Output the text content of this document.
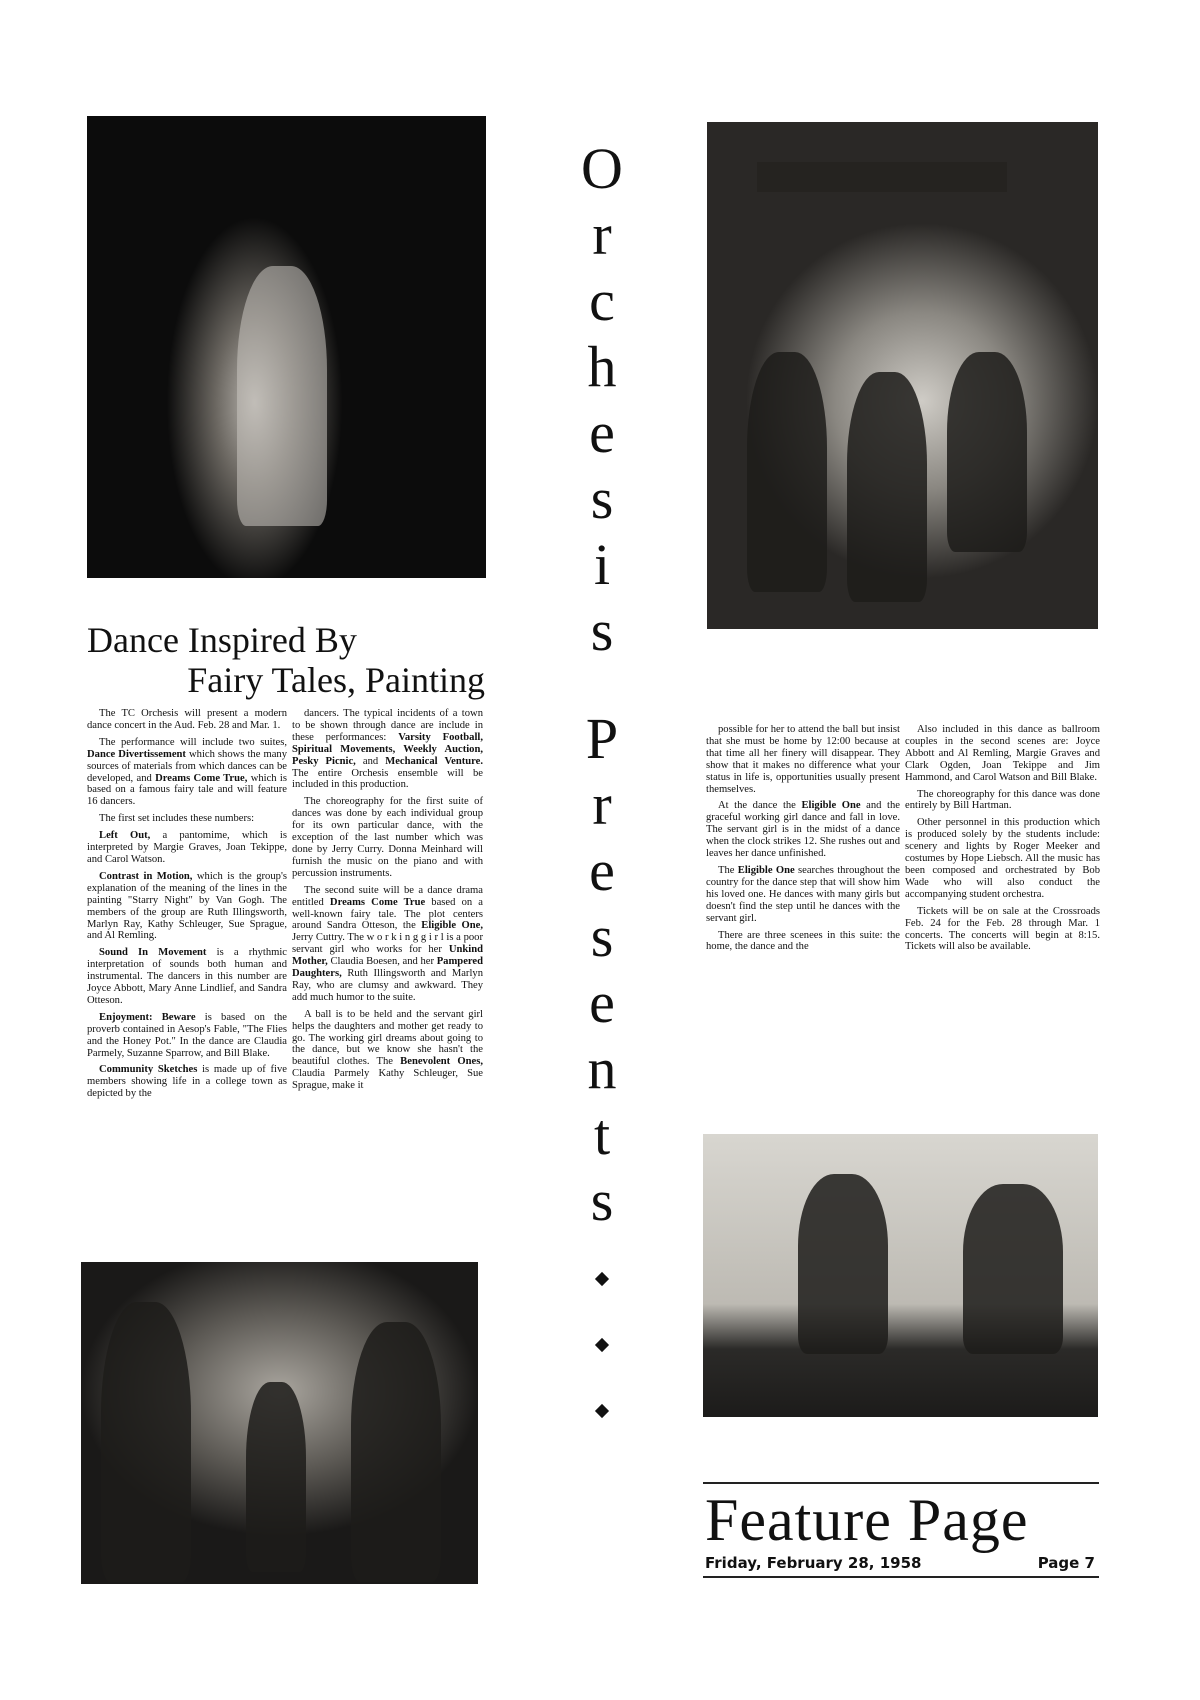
Dance Inspired By
Fairy Tales, Painting

The TC Orchesis will present a modern dance concert in the Aud. Feb. 28 and Mar. 1.

The performance will include two suites, Dance Divertissement which shows the many sources of materials from which dances can be developed, and Dreams Come True, which is based on a famous fairy tale and will feature 16 dancers.

The first set includes these numbers:

Left Out, a pantomime, which is interpreted by Margie Graves, Joan Tekippe, and Carol Watson.

Contrast in Motion, which is the group's explanation of the meaning of the lines in the painting "Starry Night" by Van Gogh. The members of the group are Ruth Illingsworth, Marlyn Ray, Kathy Schleuger, Sue Sprague, and Al Remling.

Sound In Movement is a rhythmic interpretation of sounds both human and instrumental. The dancers in this number are Joyce Abbott, Mary Anne Lindlief, and Sandra Otteson.

Enjoyment: Beware is based on the proverb contained in Aesop's Fable, "The Flies and the Honey Pot." In the dance are Claudia Parmely, Suzanne Sparrow, and Bill Blake.

Community Sketches is made up of five members showing life in a college town as depicted by the

dancers. The typical incidents of a town to be shown through dance are include in these performances: Varsity Football, Spiritual Movements, Weekly Auction, Pesky Picnic, and Mechanical Venture. The entire Orchesis ensemble will be included in this production.

The choreography for the first suite of dances was done by each individual group for its own particular dance, with the exception of the last number which was done by Jerry Curry. Donna Meinhard will furnish the music on the piano and with percussion instruments.

The second suite will be a dance drama entitled Dreams Come True based on a well-known fairy tale. The plot centers around Sandra Otteson, the Eligible One, Jerry Cuttry. The w o r k i n g g i r l is a poor servant girl who works for her Unkind Mother, Claudia Boesen, and her Pampered Daughters, Ruth Illingsworth and Marlyn Ray, who are clumsy and awkward. They add much humor to the suite.

A ball is to be held and the servant girl helps the daughters and mother get ready to go. The working girl dreams about going to the dance, but we know she hasn't the beautiful clothes. The Benevolent Ones, Claudia Parmely Kathy Schleuger, Sue Sprague, make it

possible for her to attend the ball but insist that she must be home by 12:00 because at that time all her finery will disappear. They show that it makes no difference what your status in life is, opportunities usually present themselves.

At the dance the Eligible One and the graceful working girl dance and fall in love. The servant girl is in the midst of a dance when the clock strikes 12. She rushes out and leaves her dance unfinished.

The Eligible One searches throughout the country for the dance step that will show him his loved one. He dances with many girls but doesn't find the step until he dances with the servant girl.

There are three scenees in this suite: the home, the dance and the

Also included in this dance as ballroom couples in the second scenes are: Joyce Abbott and Al Remling, Margie Graves and Clark Ogden, Joan Tekippe and Jim Hammond, and Carol Watson and Bill Blake.

The choreography for this dance was done entirely by Bill Hartman.

Other personnel in this production which is produced solely by the students include: scenery and lights by Roger Meeker and costumes by Hope Liebsch. All the music has been composed and orchestrated by Bob Wade who will also conduct the accompanying student orchestra.

Tickets will be on sale at the Crossroads Feb. 24 for the Feb. 28 through Mar. 1 concerts. The concerts will begin at 8:15. Tickets will also be available.

O
r
c
h
e
s
i
s
P
r
e
s
e
n
t
s
Feature Page
Friday, February 28, 1958	Page 7
